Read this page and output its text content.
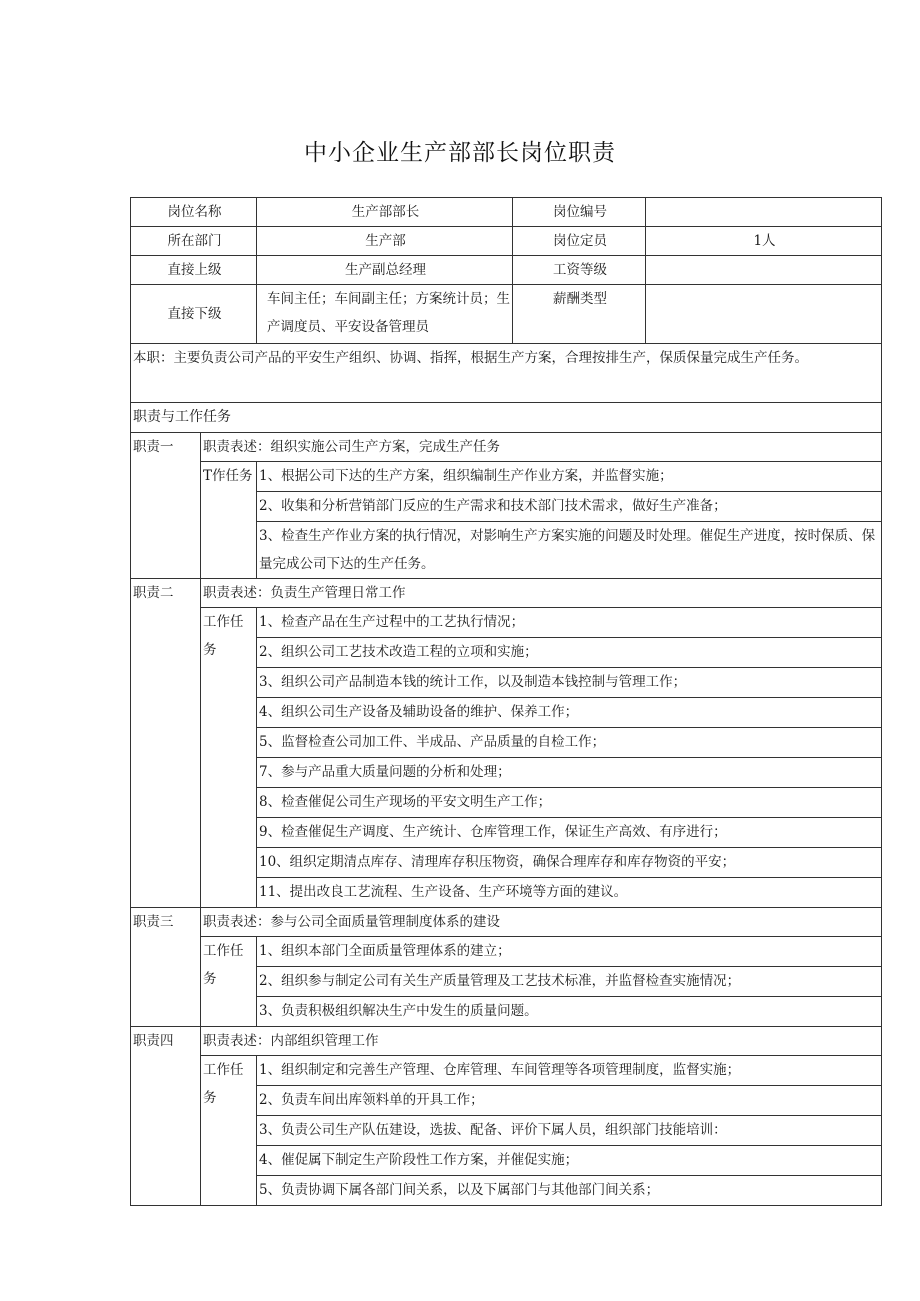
中小企业生产部部长岗位职责
岗位名称		生产部部长	岗位编号	
所在部门		生产部	岗位定员	1人
直接上级		生产副总经理	工资等级	
直接下级		车间主任；车间副主任；方案统计员；生产调度员、平安设备管理员	薪酬类型	
本职：主要负责公司产品的平安生产组织、协调、指挥，根据生产方案，合理按排生产，保质保量完成生产任务。				
职责与工作任务				
职责一	职责表述：组织实施公司生产方案，完成生产任务			
	T作任务	1、根据公司下达的生产方案，组织编制生产作业方案，并监督实施；		
		2、收集和分析营销部门反应的生产需求和技术部门技术需求，做好生产准备；		
		3、检查生产作业方案的执行情况，对影响生产方案实施的问题及时处理。催促生产进度，按时保质、保量完成公司下达的生产任务。		
职责二	职责表述：负责生产管理日常工作			
	工作任务	1、检查产品在生产过程中的工艺执行情况；		
		2、组织公司工艺技术改造工程的立项和实施；		
		3、组织公司产品制造本钱的统计工作，以及制造本钱控制与管理工作；		
		4、组织公司生产设备及辅助设备的维护、保养工作；		
		5、监督检查公司加工件、半成品、产品质量的自检工作；		
		7、参与产品重大质量问题的分析和处理；		
		8、检查催促公司生产现场的平安文明生产工作；		
		9、检查催促生产调度、生产统计、仓库管理工作，保证生产高效、有序进行；		
		10、组织定期清点库存、清理库存积压物资，确保合理库存和库存物资的平安；		
		11、提出改良工艺流程、生产设备、生产环境等方面的建议。		
职责三	职责表述：参与公司全面质量管理制度体系的建设			
	工作任务	1、组织本部门全面质量管理体系的建立；		
		2、组织参与制定公司有关生产质量管理及工艺技术标准，并监督检查实施情况；		
		3、负责积极组织解决生产中发生的质量问题。		
职责四	职责表述：内部组织管理工作			
	工作任务	1、组织制定和完善生产管理、仓库管理、车间管理等各项管理制度，监督实施；		
		2、负责车间出库领料单的开具工作；		
		3、负责公司生产队伍建设，选拔、配备、评价下属人员，组织部门技能培训：		
		4、催促属下制定生产阶段性工作方案，并催促实施；		
		5、负责协调下属各部门间关系，以及下属部门与其他部门间关系；		
